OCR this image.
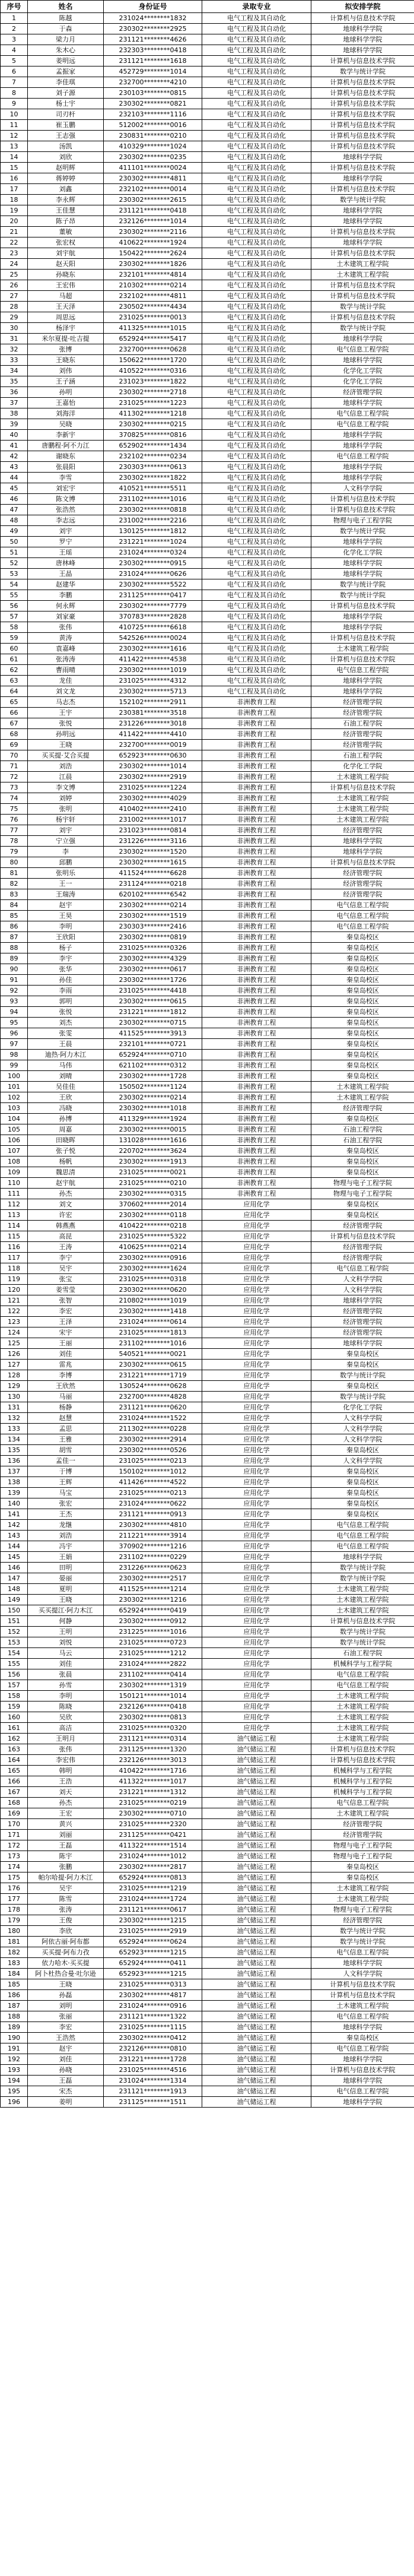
序号	姓名	身份证号	录取专业	拟安排学院
1	陈越	231024********1832	电气工程及其自动化	计算机与信息技术学院
2	于森	230302********2925	电气工程及其自动化	地球科学学院
3	梁力月	231121********4626	电气工程及其自动化	地球科学学院
4	朱木心	232303********0418	电气工程及其自动化	地球科学学院
5	姜明远	231121********1618	电气工程及其自动化	计算机与信息技术学院
6	孟振家	452729********1014	电气工程及其自动化	数学与统计学院
7	李佳琪	232700********4210	电气工程及其自动化	计算机与信息技术学院
8	刘子源	230103********0815	电气工程及其自动化	计算机与信息技术学院
9	杨士宇	230302********0821	电气工程及其自动化	计算机与信息技术学院
10	司刃杆	232103********1116	电气工程及其自动化	计算机与信息技术学院
11	崔玉鹏	512002********0016	电气工程及其自动化	计算机与信息技术学院
12	王志强	230831********0210	电气工程及其自动化	计算机与信息技术学院
13	汤凯	410329********1024	电气工程及其自动化	计算机与信息技术学院
14	刘欣	230302********0235	电气工程及其自动化	地球科学学院
15	赵明辉	411101********0024	电气工程及其自动化	计算机与信息技术学院
16	蒋婷婷	230302********4811	电气工程及其自动化	地球科学学院
17	刘鑫	232102********0014	电气工程及其自动化	计算机与信息技术学院
18	李永辉	230302********2615	电气工程及其自动化	数学与统计学院
19	王佳慧	231121********0418	电气工程及其自动化	地球科学学院
20	陈子昂	232126********1014	电气工程及其自动化	地球科学学院
21	董敏	230302********2116	电气工程及其自动化	计算机与信息技术学院
22	张宏权	410622********1924	电气工程及其自动化	地球科学学院
23	刘宇航	150422********2624	电气工程及其自动化	计算机与信息技术学院
24	赵天阳	230302********1826	电气工程及其自动化	土木建筑工程学院
25	孙晓东	232101********4814	电气工程及其自动化	土木建筑工程学院
26	王宏伟	210302********0214	电气工程及其自动化	计算机与信息技术学院
27	马超	232102********4811	电气工程及其自动化	计算机与信息技术学院
28	王天泽	230502********4434	电气工程及其自动化	数学与统计学院
29	周思远	231025********0013	电气工程及其自动化	计算机与信息技术学院
30	杨泽宇	411325********1015	电气工程及其自动化	数学与统计学院
31	米尔夏提·吐吉提	652924********5417	电气工程及其自动化	地球科学学院
32	张博	232700********0628	电气工程及其自动化	电气信息工程学院
33	王晓东	150622********1720	电气工程及其自动化	地球科学学院
34	刘伟	410522********0316	电气工程及其自动化	化学化工学院
35	王子涵	231023********1822	电气工程及其自动化	化学化工学院
36	孙明	230302********2718	电气工程及其自动化	经济管理学院
37	王嘉怡	231025********1223	电气工程及其自动化	地球科学学院
38	刘海洋	411302********1218	电气工程及其自动化	电气信息工程学院
39	吴晓	230302********0215	电气工程及其自动化	电气信息工程学院
40	李新宇	370825********0816	电气工程及其自动化	地球科学学院
41	唐鹏程·阿不力江	652902********1434	电气工程及其自动化	地球科学学院
42	谢晓东	232102********0234	电气工程及其自动化	电气信息工程学院
43	张晨阳	230303********0613	电气工程及其自动化	地球科学学院
44	李雪	230302********1822	电气工程及其自动化	地球科学学院
45	刘宏宇	410521********5511	电气工程及其自动化	人文科学学院
46	陈文博	231102********1016	电气工程及其自动化	计算机与信息技术学院
47	张浩然	230302********0818	电气工程及其自动化	计算机与信息技术学院
48	李志远	231002********2216	电气工程及其自动化	物理与电子工程学院
49	刘宇	130125********1812	电气工程及其自动化	数学与统计学院
50	罗宁	231221********1024	电气工程及其自动化	地球科学学院
51	王瑶	231024********0324	电气工程及其自动化	化学化工学院
52	唐林峰	230302********0915	电气工程及其自动化	地球科学学院
53	王晶	231024********0626	电气工程及其自动化	地球科学学院
54	赵建华	230302********5522	电气工程及其自动化	数学与统计学院
55	李鹏	231125********0417	电气工程及其自动化	数学与统计学院
56	何永辉	230302********7779	电气工程及其自动化	计算机与信息技术学院
57	刘家豪	370783********2828	电气工程及其自动化	地球科学学院
58	张伟	410725********6618	电气工程及其自动化	地球科学学院
59	黄涛	542526********0024	电气工程及其自动化	计算机与信息技术学院
60	袁嘉峰	230302********1616	电气工程及其自动化	土木建筑工程学院
61	张涛涛	411422********4538	电气工程及其自动化	计算机与信息技术学院
62	曹雨晴	230302********1019	电气工程及其自动化	电气信息工程学院
63	龙佳	231025********4312	电气工程及其自动化	地球科学学院
64	刘文龙	230302********5713	电气工程及其自动化	地球科学学院
65	马志杰	152102********2911	非洲教育工程	经济管理学院
66	王宇	230381********3518	非洲教育工程	经济管理学院
67	张悦	231226********3018	非洲教育工程	石油工程学院
68	孙明远	411422********4410	非洲教育工程	经济管理学院
69	王晓	232700********0019	非洲教育工程	经济管理学院
70	买买提·艾合买提	652923********0630	非洲教育工程	石油工程学院
71	刘浩	230302********1014	非洲教育工程	化学化工学院
72	江晨	230302********2919	非洲教育工程	土木建筑工程学院
73	李文博	231025********1224	非洲教育工程	计算机与信息技术学院
74	刘婷	230302********4029	非洲教育工程	土木建筑工程学院
75	张明	410402********2410	非洲教育工程	土木建筑工程学院
76	杨宇轩	231002********1017	非洲教育工程	土木建筑工程学院
77	刘宇	231023********0814	非洲教育工程	经济管理学院
78	宁立强	231226********3116	非洲教育工程	地球科学学院
79	李	230302********1520	非洲教育工程	地球科学学院
80	邱鹏	230302********1615	非洲教育工程	计算机与信息技术学院
81	张明乐	411524********6628	非洲教育工程	经济管理学院
82	王一	231124********0218	非洲教育工程	经济管理学院
83	王瑞涛	620102********6542	非洲教育工程	经济管理学院
84	赵宇	230302********0214	非洲教育工程	电气信息工程学院
85	王昊	230302********1519	非洲教育工程	电气信息工程学院
86	李明	230303********2416	非洲教育工程	电气信息工程学院
87	王欣阳	230302********0819	非洲教育工程	秦皇岛校区
88	杨子	231025********0326	非洲教育工程	秦皇岛校区
89	李宇	230302********4329	非洲教育工程	秦皇岛校区
90	张华	230302********0617	非洲教育工程	秦皇岛校区
91	孙佳	230302********1726	非洲教育工程	秦皇岛校区
92	李雨	231025********4418	非洲教育工程	秦皇岛校区
93	郭明	230302********0615	非洲教育工程	秦皇岛校区
94	张悦	231221********1812	非洲教育工程	秦皇岛校区
95	刘杰	230302********0715	非洲教育工程	秦皇岛校区
96	张雯	411525********3913	非洲教育工程	秦皇岛校区
97	王晨	232101********0721	非洲教育工程	秦皇岛校区
98	迪热·阿力木江	652924********0710	非洲教育工程	秦皇岛校区
99	马伟	621102********0312	非洲教育工程	秦皇岛校区
100	刘晴	230302********1728	非洲教育工程	秦皇岛校区
101	吴佳佳	150502********1124	非洲教育工程	土木建筑工程学院
102	王欣	230302********0214	非洲教育工程	土木建筑工程学院
103	冯晓	230302********1018	非洲教育工程	经济管理学院
104	孙博	411329********1924	非洲教育工程	秦皇岛校区
105	周嘉	230302********0015	非洲教育工程	石油工程学院
106	田晓晖	131028********1616	非洲教育工程	石油工程学院
107	张子悦	220702********3624	非洲教育工程	秦皇岛校区
108	杨帆	230302********1913	非洲教育工程	秦皇岛校区
109	魏思清	231025********0021	非洲教育工程	秦皇岛校区
110	赵宇航	231025********0210	非洲教育工程	物理与电子工程学院
111	孙杰	230302********0315	非洲教育工程	物理与电子工程学院
112	刘文	370602********2014	应用化学	秦皇岛校区
113	许宏	230302********0118	应用化学	秦皇岛校区
114	韩燕燕	410422********0218	应用化学	经济管理学院
115	高昆	231025********5322	应用化学	计算机与信息技术学院
116	王涛	410625********0214	应用化学	经济管理学院
117	李宁	230302********0916	应用化学	经济管理学院
118	吴宇	230302********1624	应用化学	电气信息工程学院
119	张宝	231025********0318	应用化学	人文科学学院
120	姜雪莹	230302********0620	应用化学	人文科学学院
121	张智	210802********1019	应用化学	地球科学学院
122	李宏	230302********1418	应用化学	经济管理学院
123	王泽	231024********0614	应用化学	经济管理学院
124	宋宇	231025********1813	应用化学	经济管理学院
125	王丽	231102********1016	应用化学	地球科学学院
126	刘佳	540521********0021	应用化学	秦皇岛校区
127	雷兆	230302********0615	应用化学	秦皇岛校区
128	李博	231221********1719	应用化学	数学与统计学院
129	王欣然	130524********0628	应用化学	秦皇岛校区
130	马丽	232700********4828	应用化学	数学与统计学院
131	杨静	231121********0620	应用化学	化学化工学院
132	赵慧	231024********1522	应用化学	人文科学学院
133	孟思	211302********0228	应用化学	人文科学学院
134	王雅	230302********2914	应用化学	人文科学学院
135	胡雪	230302********0526	应用化学	秦皇岛校区
136	孟佳一	231025********0213	应用化学	人文科学学院
137	于博	150102********1012	应用化学	秦皇岛校区
138	王辉	411426********4522	应用化学	秦皇岛校区
139	马宝	231025********0213	应用化学	秦皇岛校区
140	张宏	231024********0622	应用化学	秦皇岛校区
141	王杰	231121********0913	应用化学	秦皇岛校区
142	龙继	230302********4810	应用化学	电气信息工程学院
143	刘浩	211221********3914	应用化学	电气信息工程学院
144	冯宇	370902********1216	应用化学	电气信息工程学院
145	王娟	231102********0229	应用化学	地球科学学院
146	田明	231226********0623	应用化学	数学与统计学院
147	晏丽	230302********2517	应用化学	数学与统计学院
148	夏明	411525********1214	应用化学	土木建筑工程学院
149	王晓	230302********1216	应用化学	土木建筑工程学院
150	买买提江·阿力木江	652924********0419	应用化学	土木建筑工程学院
151	何静	230302********0912	应用化学	计算机与信息技术学院
152	王明	231225********1016	应用化学	数学与统计学院
153	刘悦	231025********0723	应用化学	数学与统计学院
154	马云	231025********1212	应用化学	石油工程学院
155	刘佳	231024********2822	应用化学	机械科学与工程学院
156	张晨	231102********0414	应用化学	电气信息工程学院
157	孙雪	230302********1319	应用化学	电气信息工程学院
158	李明	150121********1014	应用化学	土木建筑工程学院
159	陈晓	232126********0418	应用化学	土木建筑工程学院
160	吴欣	230302********0813	应用化学	土木建筑工程学院
161	高洁	231025********0320	应用化学	土木建筑工程学院
162	王明月	231121********0314	油气储运工程	土木建筑工程学院
163	张伟	231125********1320	油气储运工程	计算机与信息技术学院
164	李宏伟	232126********3013	油气储运工程	计算机与信息技术学院
165	韩明	410422********1716	油气储运工程	机械科学与工程学院
166	王浩	411322********1017	油气储运工程	机械科学与工程学院
167	刘天	231221********1312	油气储运工程	机械科学与工程学院
168	孙杰	231025********0219	油气储运工程	电气信息工程学院
169	王宏	230302********0710	油气储运工程	土木建筑工程学院
170	黄兴	231025********2320	油气储运工程	经济管理学院
171	刘丽	231125********0421	油气储运工程	经济管理学院
172	王磊	411322********1514	油气储运工程	物理与电子工程学院
173	陈宇	231024********1012	油气储运工程	物理与电子工程学院
174	张鹏	230302********2817	油气储运工程	秦皇岛校区
175	帕尔哈提·阿力木江	652924********0813	油气储运工程	秦皇岛校区
176	吴宇	231025********1219	油气储运工程	土木建筑工程学院
177	陈雪	231024********1724	油气储运工程	土木建筑工程学院
178	张涛	231121********0617	油气储运工程	物理与电子工程学院
179	王俊	230302********1215	油气储运工程	经济管理学院
180	李欣	231025********2919	油气储运工程	数学与统计学院
181	阿依古丽·阿布都	652924********0624	油气储运工程	数学与统计学院
182	买买提·阿布力孜	652923********1215	油气储运工程	电气信息工程学院
183	依力哈木·买买提	652924********0411	油气储运工程	地球科学学院
184	阿卜杜热合曼·吐尔逊	652923********1215	油气储运工程	人文科学学院
185	王晓	231025********0313	油气储运工程	计算机与信息技术学院
186	孙磊	230302********4817	油气储运工程	计算机与信息技术学院
187	刘明	231024********0916	油气储运工程	土木建筑工程学院
188	张丽	231121********1322	油气储运工程	电气信息工程学院
189	李宏	231025********1115	油气储运工程	地球科学学院
190	王浩然	230302********0412	油气储运工程	秦皇岛校区
191	赵宇	232126********0810	油气储运工程	电气信息工程学院
192	刘佳	231221********1728	油气储运工程	地球科学学院
193	孙晓	231025********4516	油气储运工程	计算机与信息技术学院
194	王磊	231024********1314	油气储运工程	地球科学学院
195	宋杰	231121********1913	油气储运工程	电气信息工程学院
196	姜明	231125********1511	油气储运工程	地球科学学院
